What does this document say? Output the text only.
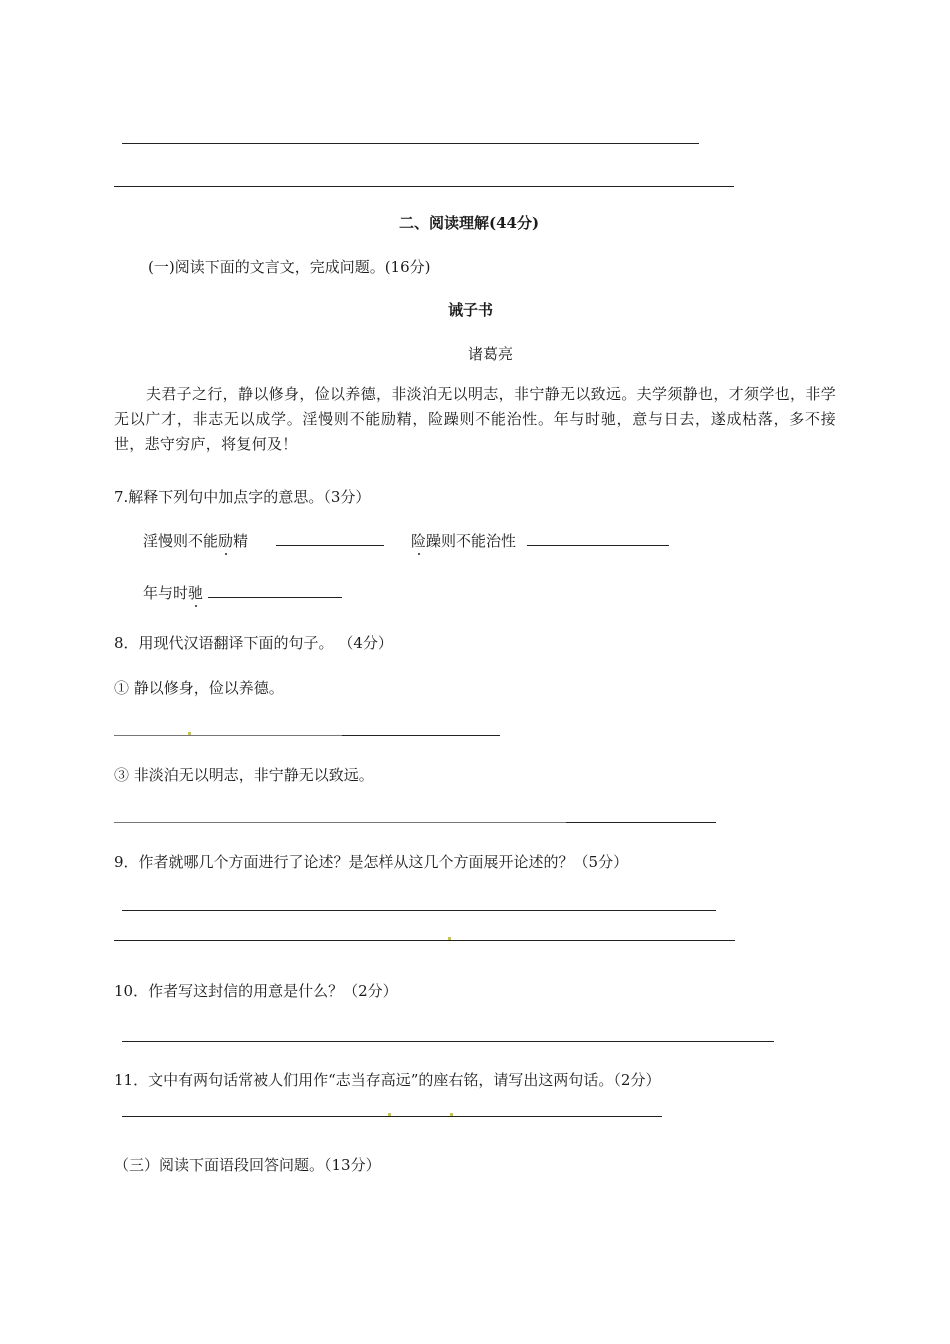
二、阅读理解(44分)
(一)阅读下面的文言文，完成问题。(16分)
诫子书
诸葛亮
夫君子之行，静以修身，俭以养德，非淡泊无以明志，非宁静无以致远。夫学须静也，才须学也，非学无以广才，非志无以成学。淫慢则不能励精，险躁则不能治性。年与时驰，意与日去，遂成枯落，多不接世，悲守穷庐，将复何及！
7.解释下列句中加点字的意思。（3分）
淫慢则不能励精	险躁则不能治性
年与时驰
8．用现代汉语翻译下面的句子。 （4分）
① 静以修身，俭以养德。
③ 非淡泊无以明志，非宁静无以致远。
9．作者就哪几个方面进行了论述？是怎样从这几个方面展开论述的？（5分）
10．作者写这封信的用意是什么？（2分）
11．文中有两句话常被人们用作“志当存高远”的座右铭，请写出这两句话。（2分）
（三）阅读下面语段回答问题。（13分）
